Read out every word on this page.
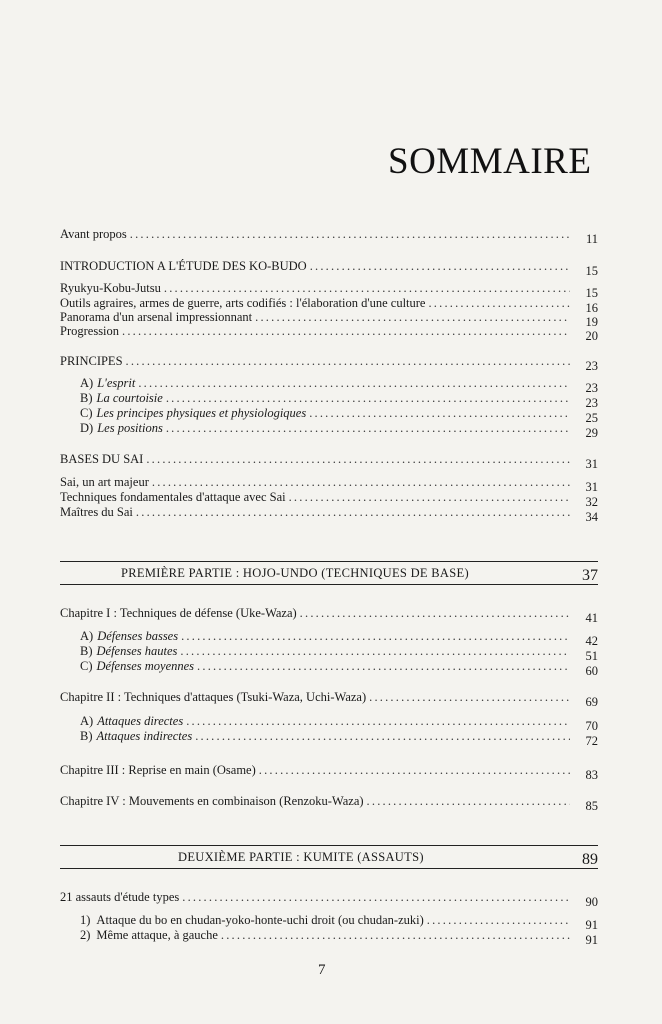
SOMMAIRE
Avant propos .....	11
INTRODUCTION A L'ÉTUDE DES KO-BUDO .....	15
Ryukyu-Kobu-Jutsu .....	15
Outils agraires, armes de guerre, arts codifiés : l'élaboration d'une culture .....	16
Panorama d'un arsenal impressionnant .....	19
Progression .....	20
PRINCIPES .....	23
A) L'esprit .....	23
B) La courtoisie .....	23
C) Les principes physiques et physiologiques .....	25
D) Les positions .....	29
BASES DU SAI .....	31
Sai, un art majeur .....	31
Techniques fondamentales d'attaque avec Sai .....	32
Maîtres du Sai .....	34
PREMIÈRE PARTIE : HOJO-UNDO (TECHNIQUES DE BASE)	37
Chapitre I : Techniques de défense (Uke-Waza) .....	41
A) Défenses basses .....	42
B) Défenses hautes .....	51
C) Défenses moyennes .....	60
Chapitre II : Techniques d'attaques (Tsuki-Waza, Uchi-Waza) .....	69
A) Attaques directes .....	70
B) Attaques indirectes .....	72
Chapitre III : Reprise en main (Osame) .....	83
Chapitre IV : Mouvements en combinaison (Renzoku-Waza) .....	85
DEUXIÈME PARTIE : KUMITE (ASSAUTS)	89
21 assauts d'étude types .....	90
1) Attaque du bo en chudan-yoko-honte-uchi droit (ou chudan-zuki) .....	91
2) Même attaque, à gauche .....	91
7
